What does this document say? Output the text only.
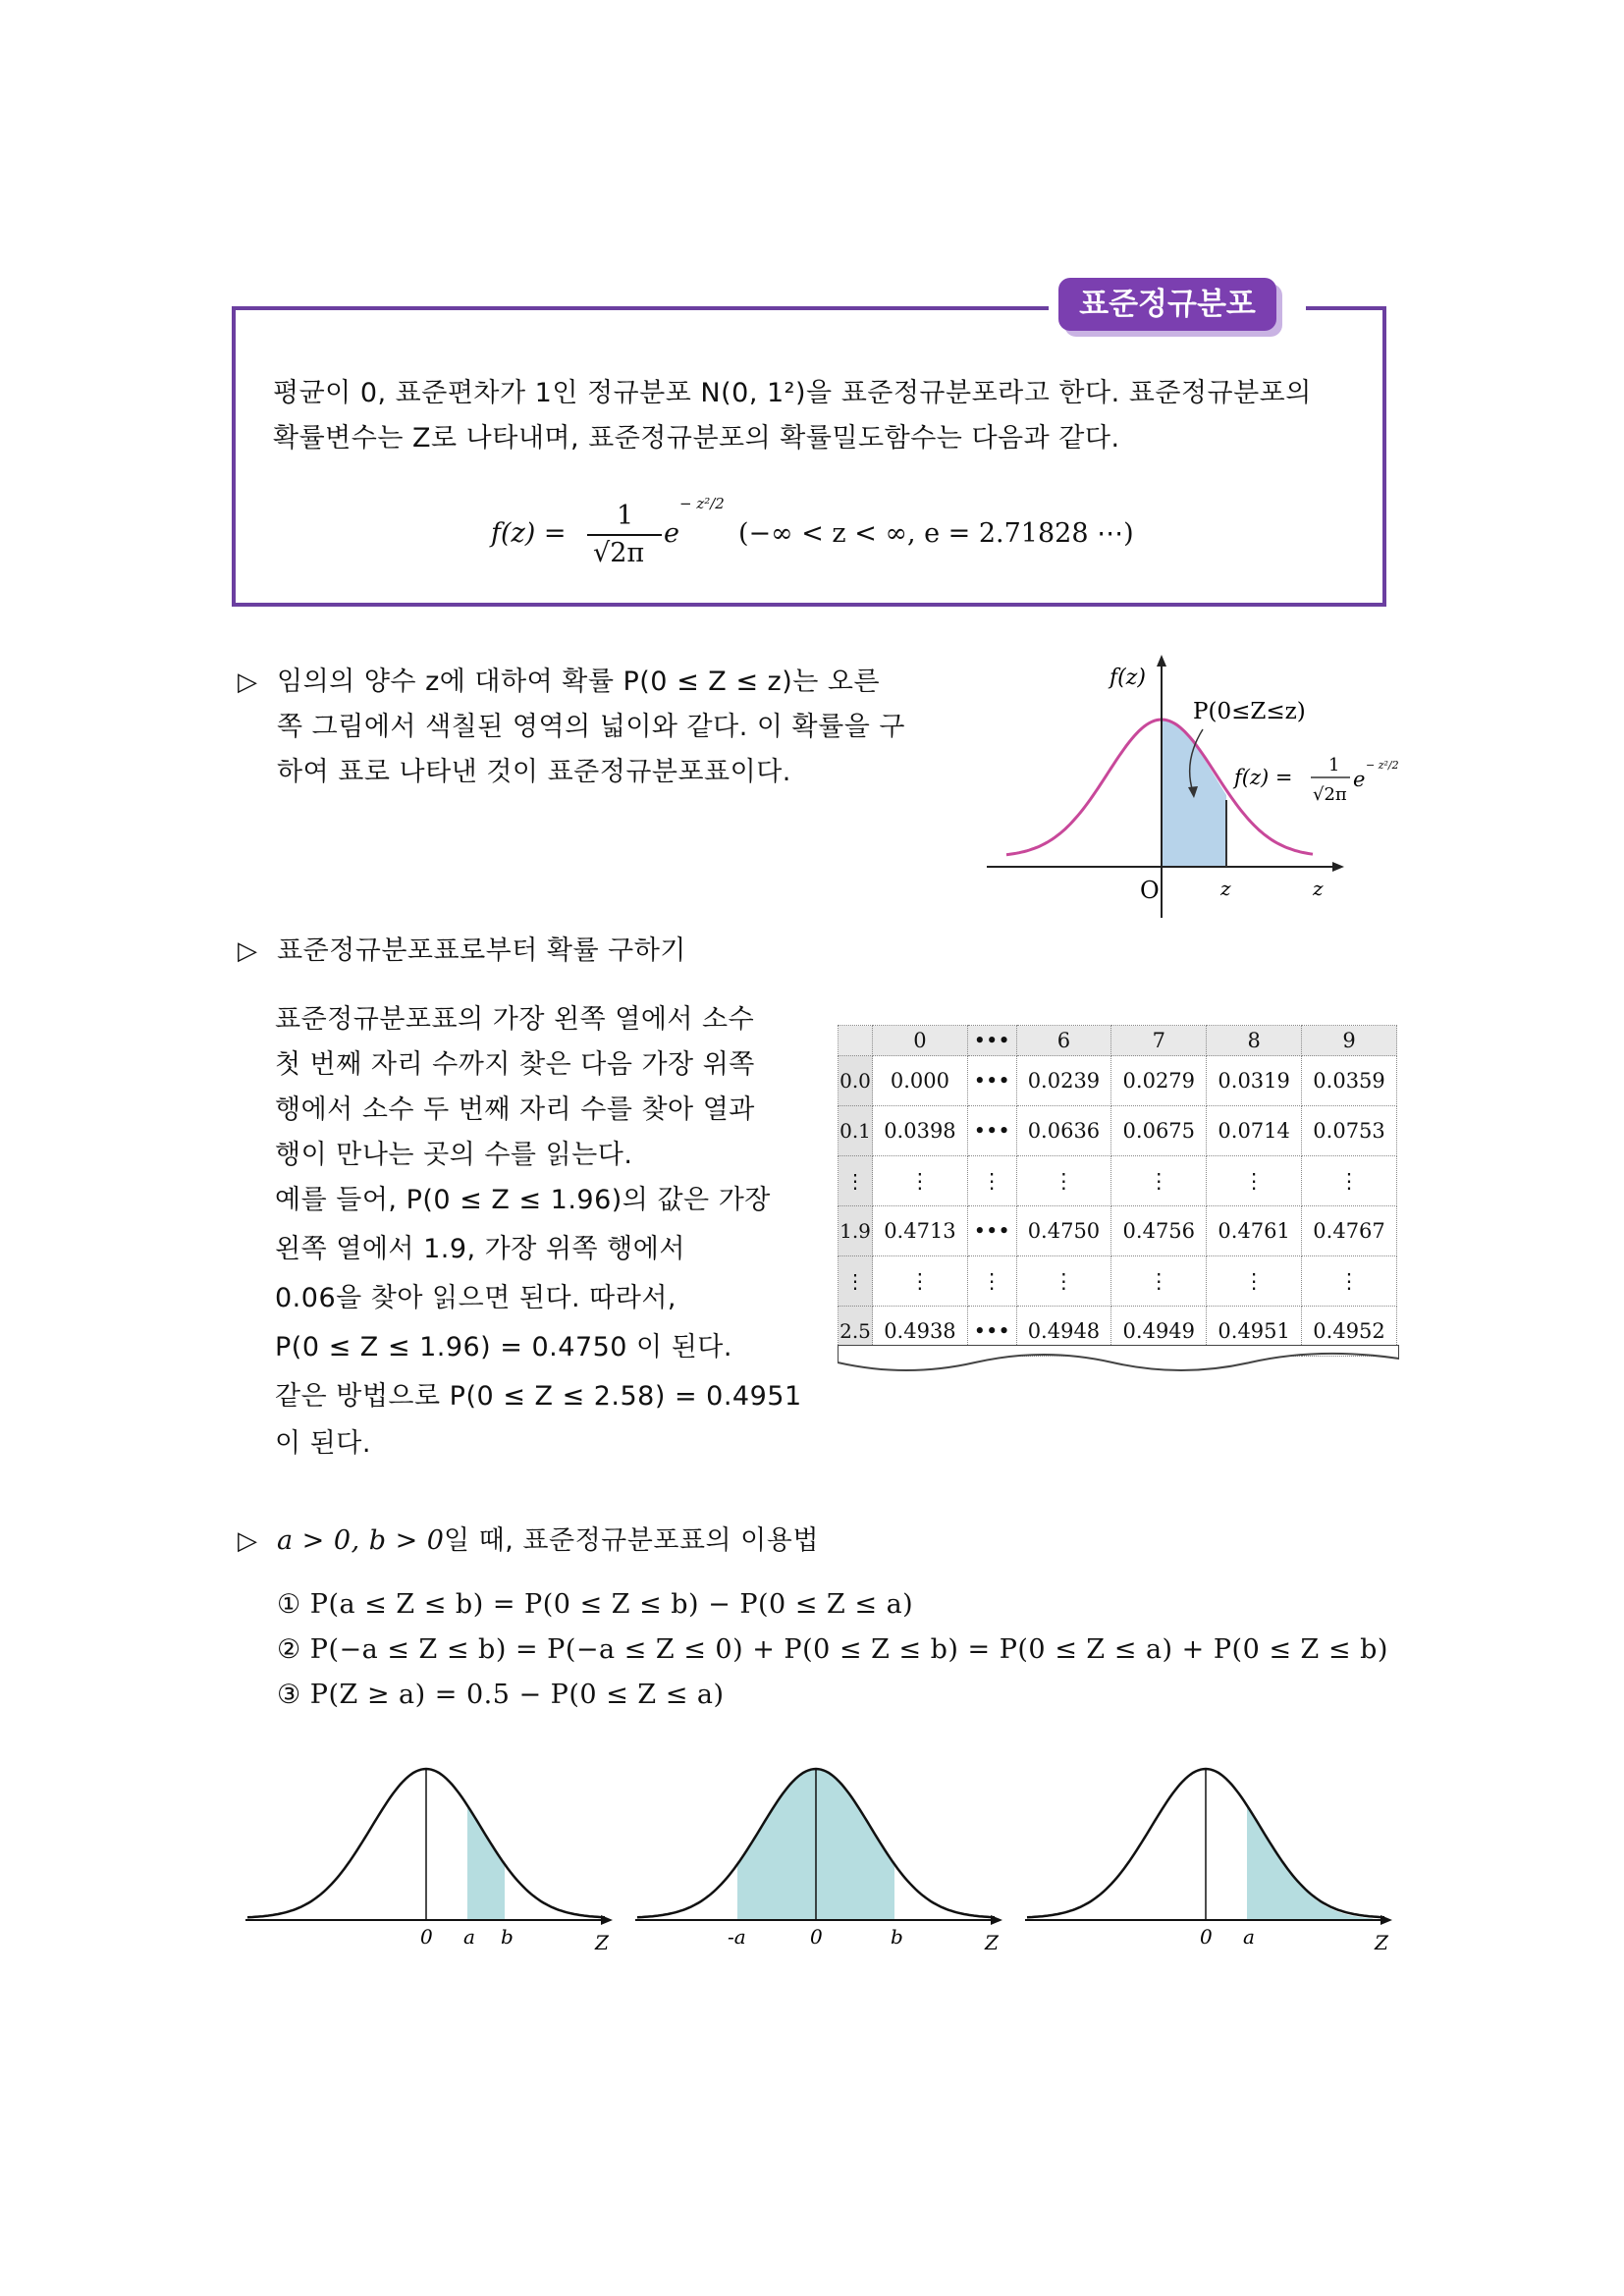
표준정규분포
평균이 0, 표준편차가 1인 정규분포 N(0, 1²)을 표준정규분포라고 한다. 표준정규분포의
확률변수는 Z로 나타내며, 표준정규분포의 확률밀도함수는 다음과 같다.
f(z) =
1
√2π
e
− z²/2
(−∞ < z < ∞, e = 2.71828 ⋯)
▷ 임의의 양수 z에 대하여 확률 P(0 ≤ Z ≤ z)는 오른
쪽 그림에서 색칠된 영역의 넓이와 같다. 이 확률을 구
하여 표로 나타낸 것이 표준정규분포표이다.
f(z)
P(0≤Z≤z)
f(z) =
1
√2π
e
− z²/2
O	z	z
▷ 표준정규분포표로부터 확률 구하기
표준정규분포표의 가장 왼쪽 열에서 소수
첫 번째 자리 수까지 찾은 다음 가장 위쪽
행에서 소수 두 번째 자리 수를 찾아 열과
행이 만나는 곳의 수를 읽는다.
예를 들어, P(0 ≤ Z ≤ 1.96)의 값은 가장
왼쪽 열에서 1.9, 가장 위쪽 행에서
0.06을 찾아 읽으면 된다. 따라서,
P(0 ≤ Z ≤ 1.96) = 0.4750 이 된다.
같은 방법으로 P(0 ≤ Z ≤ 2.58) = 0.4951
이 된다.
	0	•••	6	7	8	9
0.0	0.000	•••	0.0239	0.0279	0.0319	0.0359
0.1	0.0398	•••	0.0636	0.0675	0.0714	0.0753
⋮	⋮	⋮	⋮	⋮	⋮	⋮
1.9	0.4713	•••	0.4750	0.4756	0.4761	0.4767
⋮	⋮	⋮	⋮	⋮	⋮	⋮
2.5	0.4938	•••	0.4948	0.4949	0.4951	0.4952
▷ a > 0, b > 0 일 때, 표준정규분포표의 이용법
① P(a ≤ Z ≤ b) = P(0 ≤ Z ≤ b) − P(0 ≤ Z ≤ a)
② P(−a ≤ Z ≤ b) = P(−a ≤ Z ≤ 0) + P(0 ≤ Z ≤ b) = P(0 ≤ Z ≤ a) + P(0 ≤ Z ≤ b)
③ P(Z ≥ a) = 0.5 − P(0 ≤ Z ≤ a)
0 a b	Z	-a	0	b	Z	0 a	Z
